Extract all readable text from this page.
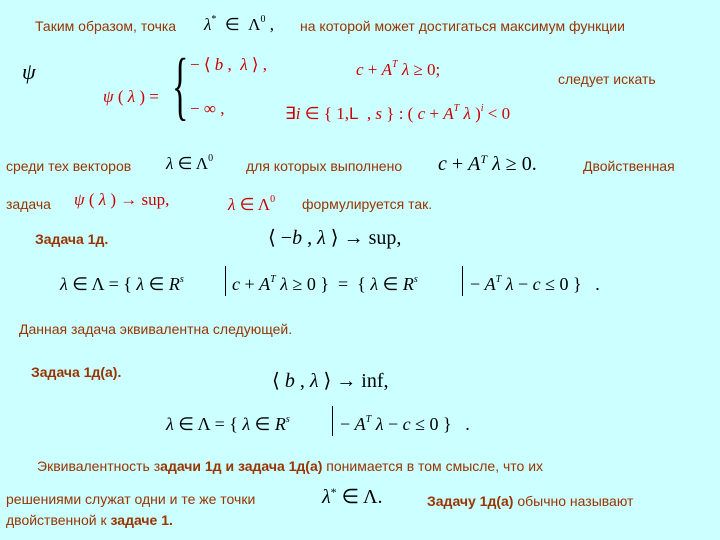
Таким образом, точка λ*  ∈  $\Lambda^0$ , на которой может достигаться максимум функции
ψ
ψ ( λ ) = { − ⟨ b ,  λ ⟩ ,	$c + A^T$ λ ≥ 0;
− ∞ ,	∃i ∈ { 1,L  , s } : ( $c + A^T$ λ )$^i$ < 0
следует искать
среди тех векторов λ ∈ $\Lambda^0$ для которых выполнено $c + A^T$ λ ≥ 0.	Двойственная
задача ψ ( λ ) → sup,	λ ∈ $\Lambda^0$ формулируется так.
Задача 1д.	⟨ −b , λ ⟩ → sup,
λ ∈ Λ = { λ ∈ $R^s$	$c + A^T$ λ ≥ 0 }  =  { λ ∈ $R^s$	− $A^T$ λ − c ≤ 0 }   .
Данная задача эквивалентна следующей.
Задача 1д(а).	⟨ b , λ ⟩ → inf,
λ ∈ Λ = { λ ∈ $R^s$	− $A^T$ λ − c ≤ 0 }   .
Эквивалентность задачи 1д и задача 1д(а) понимается в том смысле, что их
решениями служат одни и те же точки	λ* ∈ Λ.	Задачу 1д(а) обычно называют
двойственной к задаче 1.
